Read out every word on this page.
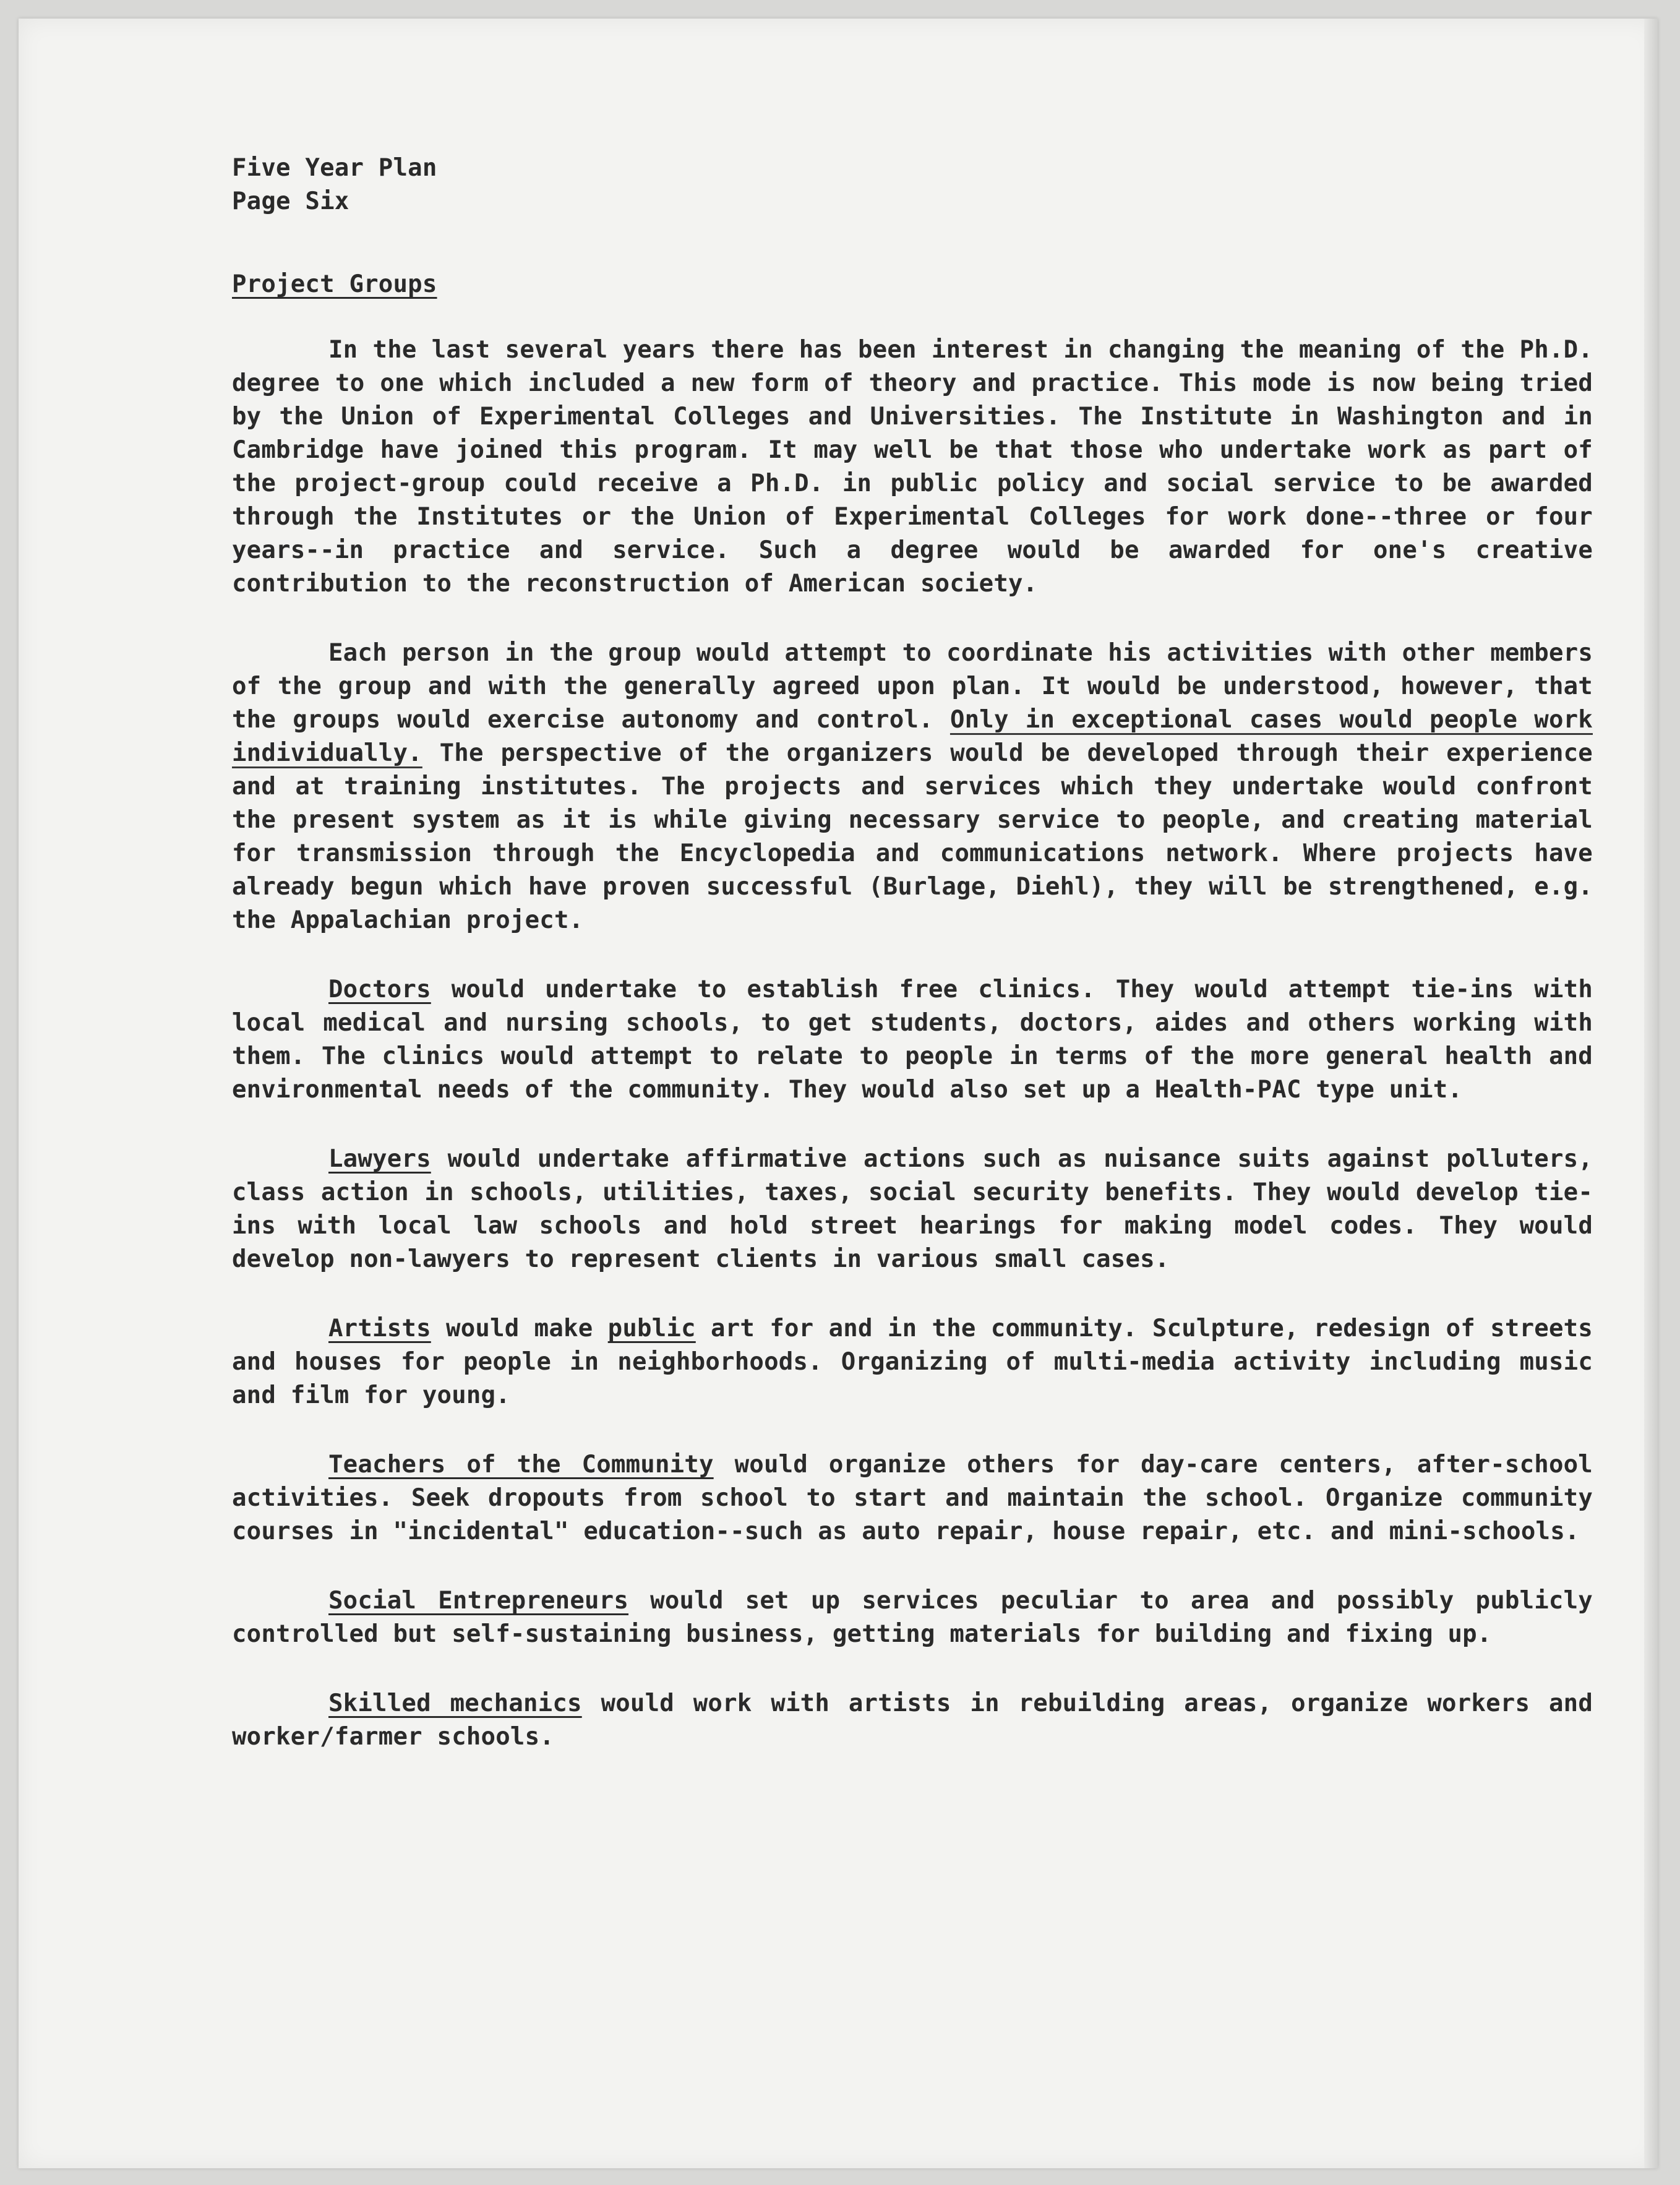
Five Year Plan

Page Six

Project Groups

In the last several years there has been interest in changing the meaning of the Ph.D. degree to one which included a new form of theory and practice. This mode is now being tried by the Union of Experimental Colleges and Universities. The Institute in Washington and in Cambridge have joined this program. It may well be that those who undertake work as part of the project-group could receive a Ph.D. in public policy and social service to be awarded through the Institutes or the Union of Experimental Colleges for work done--three or four years--in practice and service. Such a degree would be awarded for one's creative contribution to the reconstruction of American society.

Each person in the group would attempt to coordinate his activities with other members of the group and with the generally agreed upon plan. It would be understood, however, that the groups would exercise autonomy and control. Only in exceptional cases would people work individually. The perspective of the organizers would be developed through their experience and at training institutes. The projects and services which they undertake would confront the present system as it is while giving necessary service to people, and creating material for transmission through the Encyclopedia and communications network. Where projects have already begun which have proven successful (Burlage, Diehl), they will be strengthened, e.g. the Appalachian project.

Doctors would undertake to establish free clinics. They would attempt tie-ins with local medical and nursing schools, to get students, doctors, aides and others working with them. The clinics would attempt to relate to people in terms of the more general health and environmental needs of the community. They would also set up a Health-PAC type unit.

Lawyers would undertake affirmative actions such as nuisance suits against polluters, class action in schools, utilities, taxes, social security benefits. They would develop tie-ins with local law schools and hold street hearings for making model codes. They would develop non-lawyers to represent clients in various small cases.

Artists would make public art for and in the community. Sculpture, redesign of streets and houses for people in neighborhoods. Organizing of multi-media activity including music and film for young.

Teachers of the Community would organize others for day-care centers, after-school activities. Seek dropouts from school to start and maintain the school. Organize community courses in "incidental" education--such as auto repair, house repair, etc. and mini-schools.

Social Entrepreneurs would set up services peculiar to area and possibly publicly controlled but self-sustaining business, getting materials for building and fixing up.

Skilled mechanics would work with artists in rebuilding areas, organize workers and worker/farmer schools.
